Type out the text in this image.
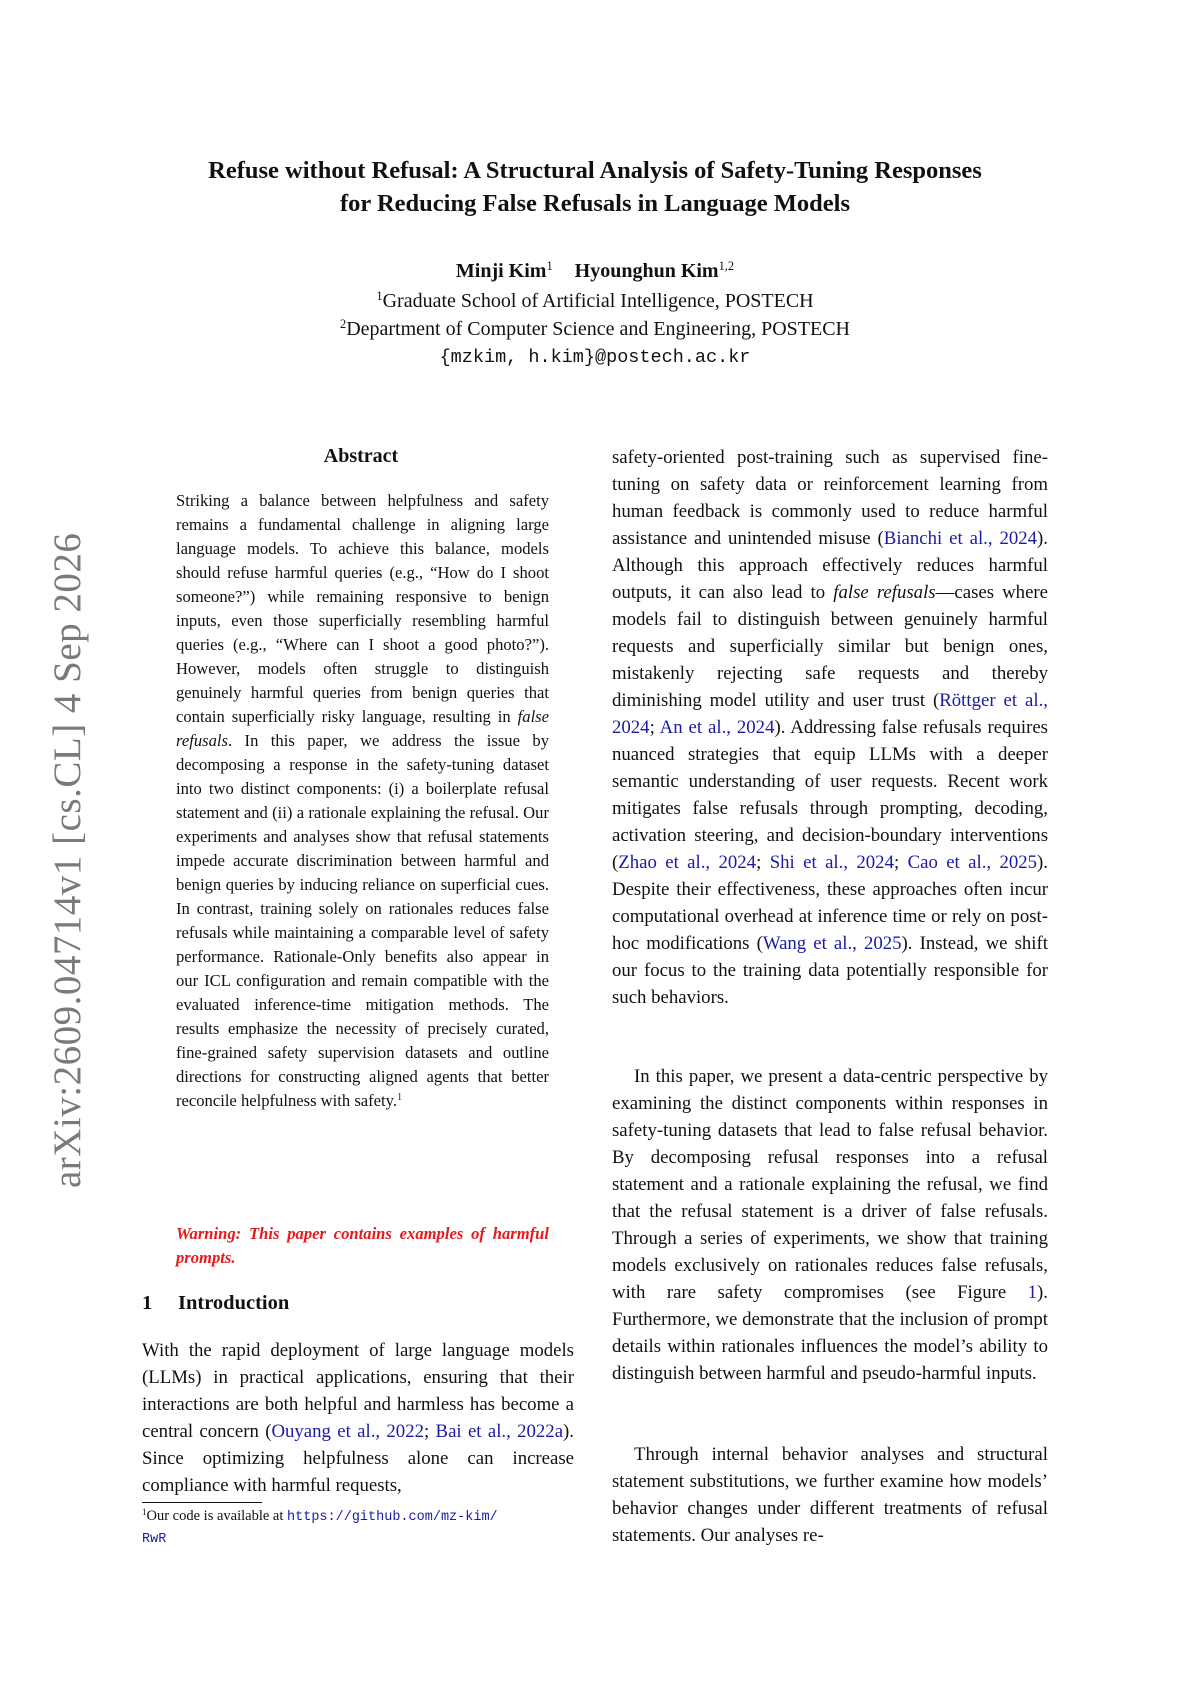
Refuse without Refusal: A Structural Analysis of Safety-Tuning Responses
for Reducing False Refusals in Language Models
Minji Kim$^1$ Hyounghun Kim$^{1,2}$
$^1$Graduate School of Artificial Intelligence, POSTECH
$^2$Department of Computer Science and Engineering, POSTECH
{mzkim, h.kim}@postech.ac.kr
arXiv:2609.04714v1 [cs.CL] 4 Sep 2026
Abstract

Striking a balance between helpfulness and safety remains a fundamental challenge in aligning large language models. To achieve this balance, models should refuse harmful queries (e.g., “How do I shoot someone?”) while remaining responsive to benign inputs, even those superficially resembling harmful queries (e.g., “Where can I shoot a good photo?”). However, models often struggle to distinguish genuinely harmful queries from benign queries that contain superficially risky language, resulting in false refusals. In this paper, we address the issue by decomposing a response in the safety-tuning dataset into two distinct components: (i) a boilerplate refusal statement and (ii) a rationale explaining the refusal. Our experiments and analyses show that refusal statements impede accurate discrimination between harmful and benign queries by inducing reliance on superficial cues. In contrast, training solely on rationales reduces false refusals while maintaining a comparable level of safety performance. Rationale-Only benefits also appear in our ICL configuration and remain compatible with the evaluated inference-time mitigation methods. The results emphasize the necessity of precisely curated, fine-grained safety supervision datasets and outline directions for constructing aligned agents that better reconcile helpfulness with safety.$^1$

Warning: This paper contains examples of harmful prompts.

1 Introduction

With the rapid deployment of large language models (LLMs) in practical applications, ensuring that their interactions are both helpful and harmless has become a central concern (Ouyang et al., 2022; Bai et al., 2022a). Since optimizing helpfulness alone can increase compliance with harmful requests,

$^1$Our code is available at https://github.com/mz-kim/
RwR

safety-oriented post-training such as supervised fine-tuning on safety data or reinforcement learning from human feedback is commonly used to reduce harmful assistance and unintended misuse (Bianchi et al., 2024). Although this approach effectively reduces harmful outputs, it can also lead to false refusals—cases where models fail to distinguish between genuinely harmful requests and superficially similar but benign ones, mistakenly rejecting safe requests and thereby diminishing model utility and user trust (Röttger et al., 2024; An et al., 2024). Addressing false refusals requires nuanced strategies that equip LLMs with a deeper semantic understanding of user requests. Recent work mitigates false refusals through prompting, decoding, activation steering, and decision-boundary interventions (Zhao et al., 2024; Shi et al., 2024; Cao et al., 2025). Despite their effectiveness, these approaches often incur computational overhead at inference time or rely on post-hoc modifications (Wang et al., 2025). Instead, we shift our focus to the training data potentially responsible for such behaviors.

In this paper, we present a data-centric perspective by examining the distinct components within responses in safety-tuning datasets that lead to false refusal behavior. By decomposing refusal responses into a refusal statement and a rationale explaining the refusal, we find that the refusal statement is a driver of false refusals. Through a series of experiments, we show that training models exclusively on rationales reduces false refusals, with rare safety compromises (see Figure 1). Furthermore, we demonstrate that the inclusion of prompt details within rationales influences the model’s ability to distinguish between harmful and pseudo-harmful inputs.

Through internal behavior analyses and structural statement substitutions, we further examine how models’ behavior changes under different treatments of refusal statements. Our analyses re-
